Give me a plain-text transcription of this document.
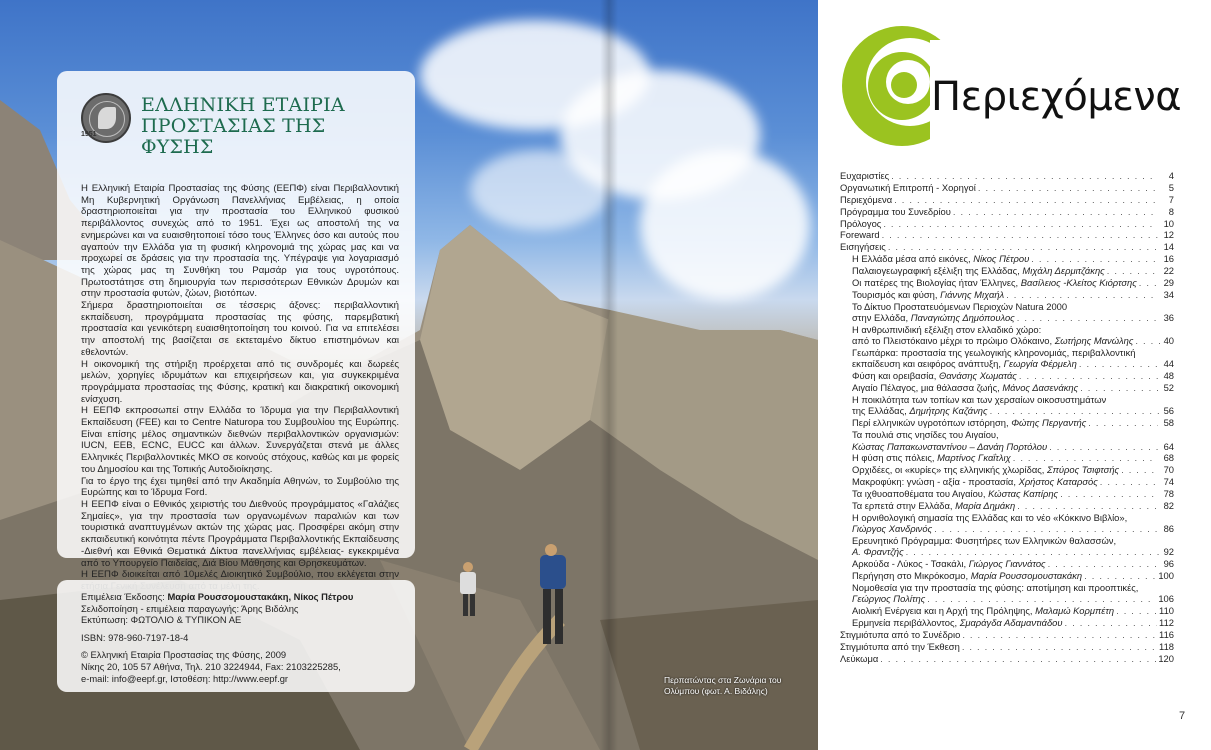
Περπατώντας στα Ζωνάρια του Ολύμπου (φωτ. Α. Βιδάλης)
1951
ΕΛΛΗΝΙΚΗ ΕΤΑΙΡΙΑ
ΠΡΟΣΤΑΣΙΑΣ ΤΗΣ ΦΥΣΗΣ

Η Ελληνική Εταιρία Προστασίας της Φύσης (ΕΕΠΦ) είναι Περιβαλλοντική Μη Κυβερνητική Οργάνωση Πανελλήνιας Εμβέλειας, η οποία δραστηριοποιείται για την προστασία του Ελληνικού φυσικού περιβάλλοντος συνεχώς από το 1951. Έχει ως αποστολή της να ενημερώνει και να ευαισθητοποιεί τόσο τους Έλληνες όσο και αυτούς που αγαπούν την Ελλάδα για τη φυσική κληρονομιά της χώρας μας και να προχωρεί σε δράσεις για την προστασία της. Υπέγραψε για λογαριασμό της χώρας μας τη Συνθήκη του Ραμσάρ για τους υγροτόπους. Πρωτοστάτησε στη δημιουργία των περισσότερων Εθνικών Δρυμών και στην προστασία φυτών, ζώων, βιοτόπων.

Σήμερα δραστηριοποιείται σε τέσσερις άξονες: περιβαλλοντική εκπαίδευση, προγράμματα προστασίας της φύσης, παρεμβατική προστασία και γενικότερη ευαισθητοποίηση του κοινού. Για να επιτελέσει την αποστολή της βασίζεται σε εκτεταμένο δίκτυο επιστημόνων και εθελοντών.

Η οικονομική της στήριξη προέρχεται από τις συνδρομές και δωρεές μελών, χορηγίες ιδρυμάτων και επιχειρήσεων και, για συγκεκριμένα προγράμματα προστασίας της Φύσης, κρατική και διακρατική οικονομική ενίσχυση.

Η ΕΕΠΦ εκπροσωπεί στην Ελλάδα το Ίδρυμα για την Περιβαλλοντική Εκπαίδευση (FEE) και το Centre Naturopa του Συμβουλίου της Ευρώπης. Είναι επίσης μέλος σημαντικών διεθνών περιβαλλοντικών οργανισμών: IUCN, EEB, ECNC, EUCC και άλλων. Συνεργάζεται στενά με άλλες Ελληνικές Περιβαλλοντικές ΜΚΟ σε κοινούς στόχους, καθώς και με φορείς του Δημοσίου και της Τοπικής Αυτοδιοίκησης.

Για το έργο της έχει τιμηθεί από την Ακαδημία Αθηνών, το Συμβούλιο της Ευρώπης και το Ίδρυμα Ford.

Η ΕΕΠΦ είναι ο Εθνικός χειριστής του Διεθνούς προγράμματος «Γαλάζιες Σημαίες», για την προστασία των οργανωμένων παραλιών και των τουριστικά αναπτυγμένων ακτών της χώρας μας. Προσφέρει ακόμη στην εκπαιδευτική κοινότητα πέντε Προγράμματα Περιβαλλοντικής Εκπαίδευσης -Διεθνή και Εθνικά Θεματικά Δίκτυα πανελλήνιας εμβέλειας- εγκεκριμένα από το Υπουργείο Παιδείας, Διά Βίου Μάθησης και Θρησκευμάτων.

Η ΕΕΠΦ διοικείται από 10μελές Διοικητικό Συμβούλιο, που εκλέγεται στην

Επιμέλεια Έκδοσης: Μαρία Ρουσσομουστακάκη, Νίκος Πέτρου
Σελιδοποίηση - επιμέλεια παραγωγής: Άρης Βιδάλης
Εκτύπωση: ΦΩΤΟΛΙΟ & ΤΥΠΙΚΟΝ ΑΕ
ISBN: 978-960-7197-18-4
© Ελληνική Εταιρία Προστασίας της Φύσης, 2009
Νίκης 20, 105 57 Αθήνα, Τηλ. 210 3224944, Fax: 2103225285,
e-mail: info@eepf.gr, Ιστοθέση: http://www.eepf.gr
Περιεχόμενα
Ευχαριστίες . . .	4
Οργανωτική Επιτροπή - Χορηγοί . . .	5
Περιεχόμενα . . .	7
Πρόγραμμα του Συνεδρίου . . .	8
Πρόλογος . . .	10
Foreward . . .	12
Εισηγήσεις . . .	14
Η Ελλάδα μέσα από εικόνες, Νίκος Πέτρου . . .	16
Παλαιογεωγραφική εξέλιξη της Ελλάδας, Μιχάλη Δερμιτζάκης . . .	22
Οι πατέρες της Βιολογίας ήταν Έλληνες, Βασίλειος -Κλείτος Κιόρτσης . . .	29
Τουρισμός και φύση, Γιάννης Μιχαήλ . . .	34
Το Δίκτυο Προστατευόμενων Περιοχών Natura 2000
στην Ελλάδα, Παναγιώτης Δημόπουλος . . .	36
Η ανθρωπινιδική εξέλιξη στον ελλαδικό χώρο:
από το Πλειστόκαινο μέχρι το πρώιμο Ολόκαινο, Σωτήρης Μανώλης . . .	40
Γεωπάρκα: προστασία της γεωλογικής κληρονομιάς, περιβαλλοντική
εκπαίδευση και αειφόρος ανάπτυξη, Γεωργία Φέρμελη . . .	44
Φύση και ορειβασία, Θανάσης Χωματάς . . .	48
Αιγαίο Πέλαγος, μια θάλασσα ζωής, Μάνος Δασενάκης . . .	52
Η ποικιλότητα των τοπίων και των χερσαίων οικοσυστημάτων
της Ελλάδας, Δημήτρης Καζάνης . . .	56
Περί ελληνικών υγροτόπων ιστόρηση, Φώτης Περγαντής . . .	58
Τα πουλιά στις νησίδες του Αιγαίου,
Κώστας Παπακωνσταντίνου – Δανάη Πορτόλου . . .	64
Η φύση στις πόλεις, Μαρτίνος Γκαΐτλιχ . . .	68
Ορχιδέες, οι «κυρίες» της ελληνικής χλωρίδας, Σπύρος Τσιφτσής . . .	70
Μακροφύκη: γνώση - αξία - προστασία, Χρήστος Καταρσός . . .	74
Τα ιχθυοαποθέματα του Αιγαίου, Κώστας Καπίρης . . .	78
Τα ερπετά στην Ελλάδα, Μαρία Δημάκη . . .	82
Η ορνιθολογική σημασία της Ελλάδας και το νέο «Κόκκινο Βιβλίο»,
Γιώργος Χανδρινός . . .	86
Ερευνητικό Πρόγραμμα: Φυσητήρες των Ελληνικών θαλασσών,
Α. Φραντζής . . .	92
Αρκούδα - Λύκος - Τσακάλι, Γιώργος Γιαννάτος . . .	96
Περήγηση στο Μικρόκοσμο, Μαρία Ρουσσομουστακάκη . . .	100
Νομοθεσία για την προστασία της φύσης: αποτίμηση και προοπτικές,
Γεώργιος Πολίτης . . .	106
Αιολική Ενέργεια και η Αρχή της Πρόληψης, Μαλαμώ Κορμπέτη . . .	110
Ερμηνεία περιβάλλοντος, Σμαράγδα Αδαμαντιάδου . . .	112
Στιγμιότυπα από το Συνέδριο . . .	116
Στιγμιότυπα από την Έκθεση . . .	118
Λεύκωμα . . .	120
7
